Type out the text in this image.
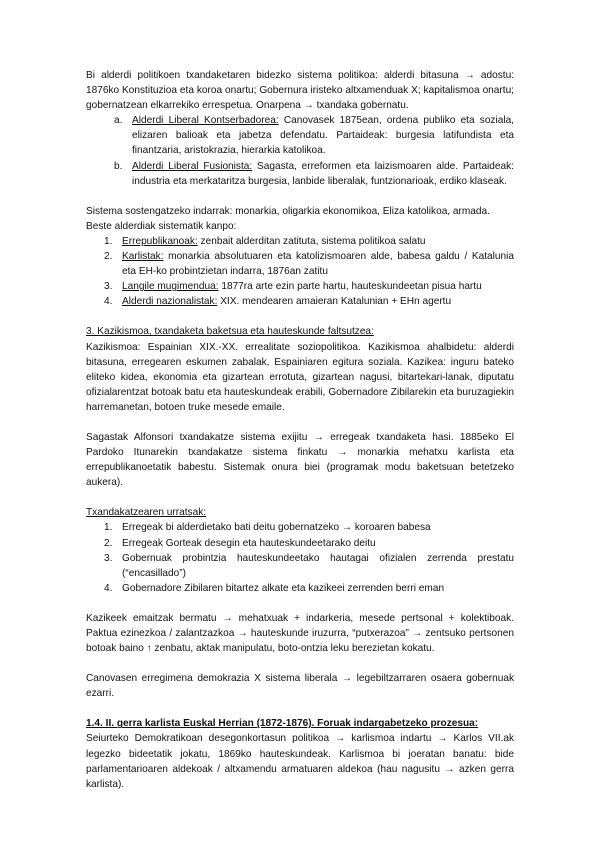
Bi alderdi politikoen txandaketaren bidezko sistema politikoa: alderdi bitasuna → adostu: 1876ko Konstituzioa eta koroa onartu; Gobernura iristeko altxamenduak X; kapitalismoa onartu; gobernatzean elkarrekiko errespetua. Onarpena → txandaka gobernatu.

a. Alderdi Liberal Kontserbadorea: Canovasek 1875ean, ordena publiko eta soziala, elizaren balioak eta jabetza defendatu. Partaideak: burgesia latifundista eta finantzaria, aristokrazia, hierarkia katolikoa.
b. Alderdi Liberal Fusionista: Sagasta, erreformen eta laizismoaren alde. Partaideak: industria eta merkataritza burgesia, lanbide liberalak, funtzionarioak, erdiko klaseak.

Sistema sostengatzeko indarrak: monarkia, oligarkia ekonomikoa, Eliza katolikoa, armada.

Beste alderdiak sistematik kanpo:

1. Errepublikanoak: zenbait alderditan zatituta, sistema politikoa salatu
2. Karlistak: monarkia absolutuaren eta katolizismoaren alde, babesa galdu / Katalunia eta EH-ko probintzietan indarra, 1876an zatitu
3. Langile mugimendua: 1877ra arte ezin parte hartu, hauteskundeetan pisua hartu
4. Alderdi nazionalistak: XIX. mendearen amaieran Katalunian + EHn agertu

3. Kazikismoa, txandaketa baketsua eta hauteskunde faltsutzea:

Kazikismoa: Espainian XIX.-XX. errealitate soziopolitikoa. Kazikismoa ahalbidetu: alderdi bitasuna, erregearen eskumen zabalak, Espainiaren egitura soziala. Kazikea: inguru bateko eliteko kidea, ekonomia eta gizartean errotuta, gizartean nagusi, bitartekari-lanak, diputatu ofizialarentzat botoak batu eta hauteskundeak erabili, Gobernadore Zibilarekin eta buruzagiekin harremanetan, botoen truke mesede emaile.

Sagastak Alfonsori txandakatze sistema exijitu → erregeak txandaketa hasi. 1885eko El Pardoko Itunarekin txandakatze sistema finkatu → monarkia mehatxu karlista eta errepublikanoetatik babestu. Sistemak onura biei (programak modu baketsuan betetzeko aukera).

Txandakatzearen urratsak:

1. Erregeak bi alderdietako bati deitu gobernatzeko → koroaren babesa
2. Erregeak Gorteak desegin eta hauteskundeetarako deitu
3. Gobernuak probintzia hauteskundeetako hautagai ofizialen zerrenda prestatu (“encasillado”)
4. Gobernadore Zibilaren bitartez alkate eta kazikeei zerrenden berri eman

Kazikeek emaitzak bermatu → mehatxuak + indarkeria, mesede pertsonal + kolektiboak. Paktua ezinezkoa / zalantzazkoa → hauteskunde iruzurra, “putxerazoa” → zentsuko pertsonen botoak baino ↑ zenbatu, aktak manipulatu, boto-ontzia leku berezietan kokatu.

Canovasen erregimena demokrazia X sistema liberala → legebiltzarraren osaera gobernuak ezarri.

1.4. II. gerra karlista Euskal Herrian (1872-1876). Foruak indargabetzeko prozesua:

Seiurteko Demokratikoan desegonkortasun politikoa → karlismoa indartu → Karlos VII.ak legezko bideetatik jokatu, 1869ko hauteskundeak. Karlismoa bi joeratan banatu: bide parlamentarioaren aldekoak / altxamendu armatuaren aldekoa (hau nagusitu → azken gerra karlista).
